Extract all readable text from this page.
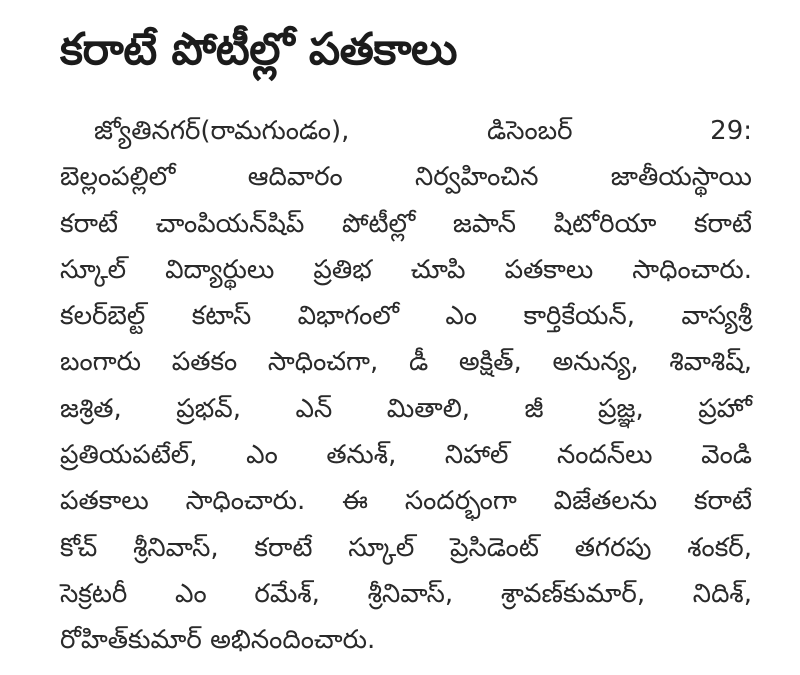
కరాటే పోటీల్లో పతకాలు
జ్యోతినగర్(రామగుండం), డిసెంబర్ 29:
బెల్లంపల్లిలో ఆదివారం నిర్వహించిన జాతీయస్థాయి
కరాటే చాంపియన్‌షిప్ పోటీల్లో జపాన్ షిటోరియా కరాటే
స్కూల్ విద్యార్థులు ప్రతిభ చూపి పతకాలు సాధించారు.
కలర్‌బెల్ట్ కటాస్ విభాగంలో ఎం కార్తికేయన్, వాస్యశ్రీ
బంగారు పతకం సాధించగా, డీ అక్షిత్, అనున్య, శివాశిష్,
జశ్రిత, ప్రభవ్, ఎన్ మితాలి, జీ ప్రజ్ఞ, ప్రహో
ప్రతియపటేల్, ఎం తనుశ్, నిహాల్ నందన్‌లు వెండి
పతకాలు సాధించారు. ఈ సందర్భంగా విజేతలను కరాటే
కోచ్ శ్రీనివాస్, కరాటే స్కూల్ ప్రెసిడెంట్ తగరపు శంకర్,
సెక్రటరీ ఎం రమేశ్, శ్రీనివాస్, శ్రావణ్‌కుమార్, నిదిశ్,
రోహిత్‌కుమార్ అభినందించారు.
